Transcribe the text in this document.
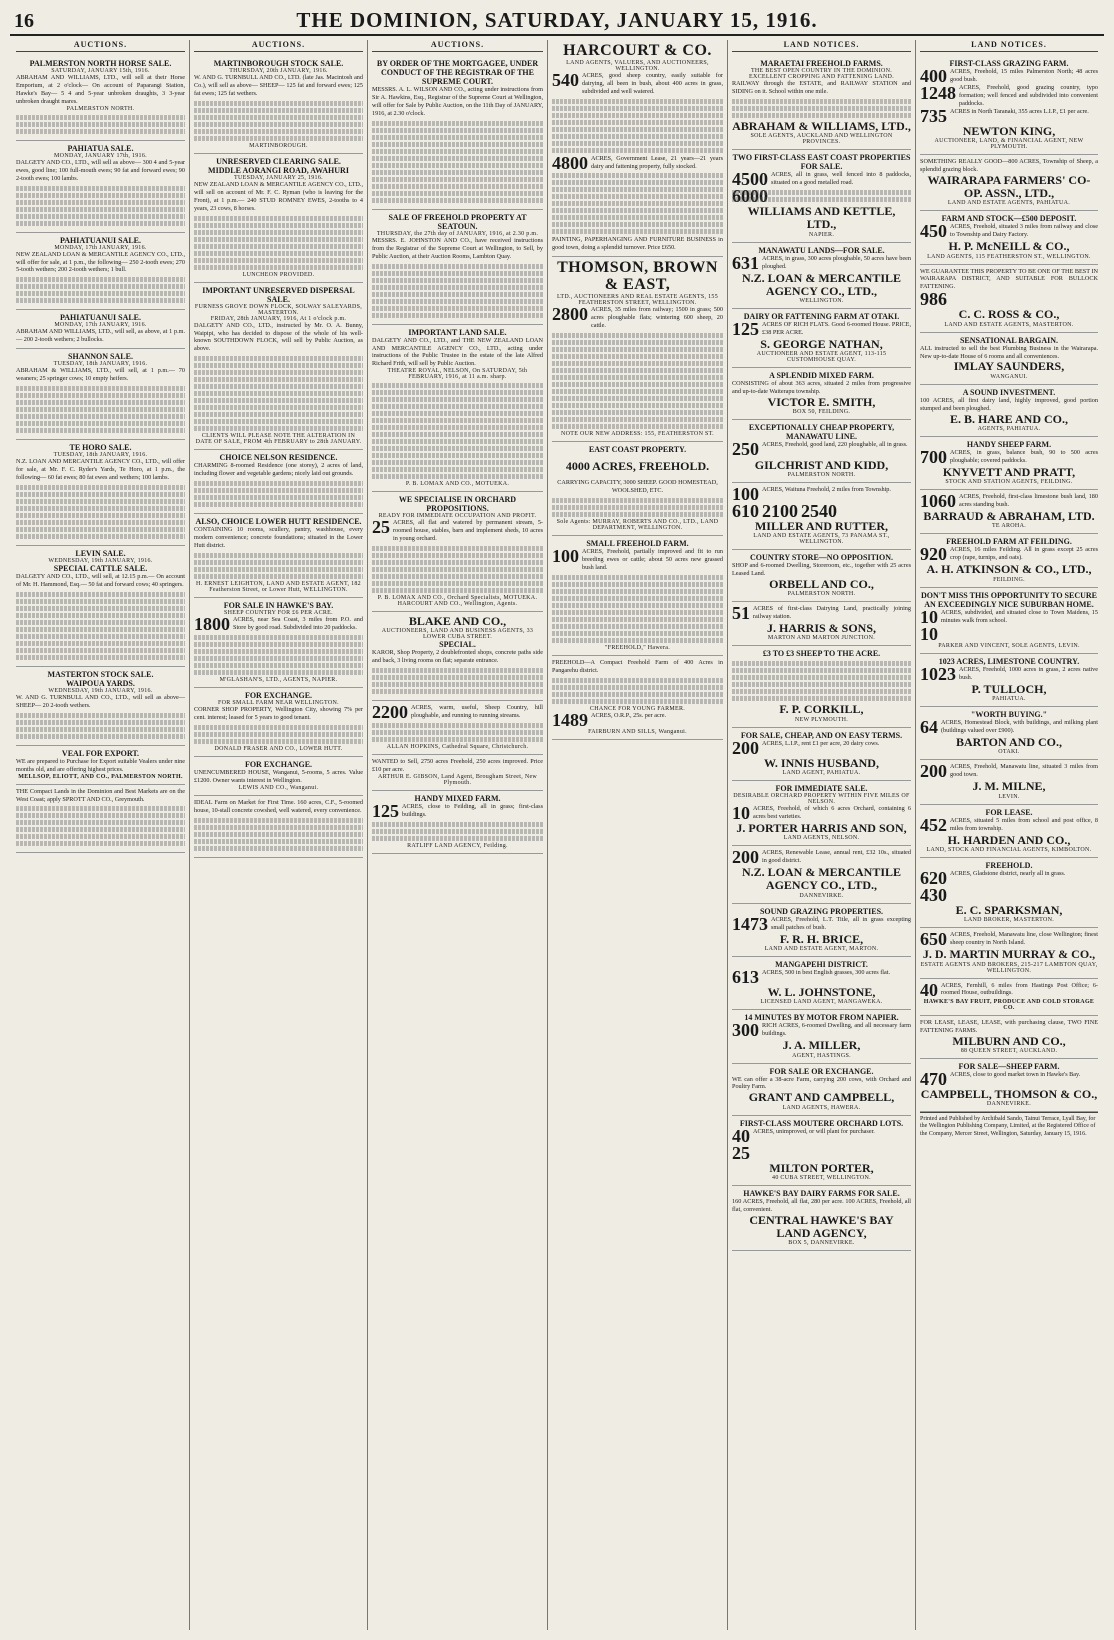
16	THE DOMINION, SATURDAY, JANUARY 15, 1916.
AUCTIONS.
PALMERSTON NORTH HORSE SALE.
SATURDAY, JANUARY 15th, 1916.
ABRAHAM AND WILLIAMS, LTD., will sell at their Horse Emporium, at 2 o'clock— On account of Paparangi Station, Hawke's Bay— 5 4 and 5-year unbroken draughts, 3 3-year unbroken draught mares.
PALMERSTON NORTH.
PAHIATUA SALE.
MONDAY, JANUARY 17th, 1916.
DALGETY AND CO., LTD., will sell as above— 300 4 and 5-year ewes, good line; 100 full-mouth ewes; 90 fat and forward ewes; 90 2-tooth ewes; 100 lambs.
PAHIATUANUI SALE.
MONDAY, 17th JANUARY, 1916.
NEW ZEALAND LOAN & MERCANTILE AGENCY CO., LTD., will offer for sale, at 1 p.m., the following— 250 2-tooth ewes; 270 5-tooth wethers; 200 2-tooth wethers; 1 bull.
PAHIATUANUI SALE.
MONDAY, 17th JANUARY, 1916.
ABRAHAM AND WILLIAMS, LTD., will sell, as above, at 1 p.m.— 200 2-tooth wethers; 2 bullocks.
SHANNON SALE.
TUESDAY, 18th JANUARY, 1916.
ABRAHAM & WILLIAMS, LTD., will sell, at 1 p.m.— 70 weaners; 25 springer cows; 10 empty heifers.
TE HORO SALE.
TUESDAY, 18th JANUARY, 1916.
N.Z. LOAN AND MERCANTILE AGENCY CO., LTD., will offer for sale, at Mr. F. C. Ryder's Yards, Te Horo, at 1 p.m., the following— 60 fat ewes; 80 fat ewes and wethers; 100 lambs.
LEVIN SALE.
WEDNESDAY, 19th JANUARY, 1916.
SPECIAL CATTLE SALE.
DALGETY AND CO., LTD., will sell, at 12.15 p.m.— On account of Mr. H. Hammond, Esq.— 50 fat and forward cows; 40 springers.
MASTERTON STOCK SALE.
WAIPOUA YARDS.
WEDNESDAY, 19th JANUARY, 1916.
W. AND G. TURNBULL AND CO., LTD., will sell as above— SHEEP— 20 2-tooth wethers.
VEAL FOR EXPORT.
WE are prepared to Purchase for Export suitable Vealers under nine months old, and are offering highest prices.
MELLSOP, ELIOTT, AND CO., PALMERSTON NORTH.
THE Compact Lands in the Dominion and Best Markets are on the West Coast; apply SPROTT AND CO., Greymouth.
AUCTIONS.
MARTINBOROUGH STOCK SALE.
THURSDAY, 20th JANUARY, 1916.
W. AND G. TURNBULL AND CO., LTD. (late Jas. Macintosh and Co.), will sell as above— SHEEP— 125 fat and forward ewes; 125 fat ewes; 125 fat wethers.
MARTINBOROUGH.
UNRESERVED CLEARING SALE.
MIDDLE AORANGI ROAD, AWAHURI
TUESDAY, JANUARY 25, 1916.
NEW ZEALAND LOAN & MERCANTILE AGENCY CO., LTD., will sell on account of Mr. F. C. Ryman (who is leaving for the Front), at 1 p.m.— 240 STUD ROMNEY EWES, 2-tooths to 4 years, 23 cows, 8 horses.
LUNCHEON PROVIDED.
IMPORTANT UNRESERVED DISPERSAL SALE.
FURNESS GROVE DOWN FLOCK, SOLWAY SALEYARDS, MASTERTON.
FRIDAY, 28th JANUARY, 1916, At 1 o'clock p.m.
DALGETY AND CO., LTD., instructed by Mr. O. A. Bunny, Waipipi, who has decided to dispose of the whole of his well-known SOUTHDOWN FLOCK, will sell by Public Auction, as above.
CLIENTS WILL PLEASE NOTE THE ALTERATION IN DATE OF SALE, FROM 4th FEBRUARY to 28th JANUARY.
CHOICE NELSON RESIDENCE.
CHARMING 8-roomed Residence (one storey), 2 acres of land, including flower and vegetable gardens; nicely laid out grounds.
ALSO, CHOICE LOWER HUTT RESIDENCE.
CONTAINING 10 rooms, scullery, pantry, washhouse, every modern convenience; concrete foundations; situated in the Lower Hutt district.
H. ERNEST LEIGHTON, LAND AND ESTATE AGENT, 182 Featherston Street, or Lower Hutt, WELLINGTON.
FOR SALE IN HAWKE'S BAY.
SHEEP COUNTRY FOR £6 PER ACRE.
1800 ACRES, near Sea Coast, 3 miles from P.O. and Store by good road. Subdivided into 20 paddocks.
M'GLASHAN'S, LTD., AGENTS, NAPIER.
FOR EXCHANGE.
FOR SMALL FARM NEAR WELLINGTON.
CORNER SHOP PROPERTY, Wellington City, showing 7% per cent. interest; leased for 5 years to good tenant.
DONALD FRASER AND CO., LOWER HUTT.
FOR EXCHANGE.
UNENCUMBERED HOUSE, Wanganui, 5-rooms, 5 acres. Value £1200. Owner wants interest in Wellington.
LEWIS AND CO., Wanganui.
IDEAL Farm on Market for First Time. 160 acres, C.F., 5-roomed house, 10-stall concrete cowshed, well watered, every convenience.
AUCTIONS.
BY ORDER OF THE MORTGAGEE, UNDER CONDUCT OF THE REGISTRAR OF THE SUPREME COURT.
MESSRS. A. L. WILSON AND CO., acting under instructions from Sir A. Hawkins, Esq., Registrar of the Supreme Court at Wellington, will offer for Sale by Public Auction, on the 11th Day of JANUARY, 1916, at 2.30 o'clock.
SALE OF FREEHOLD PROPERTY AT SEATOUN.
THURSDAY, the 27th day of JANUARY, 1916, at 2.30 p.m.
MESSRS. E. JOHNSTON AND CO., have received instructions from the Registrar of the Supreme Court at Wellington, to Sell, by Public Auction, at their Auction Rooms, Lambton Quay.
IMPORTANT LAND SALE.
DALGETY AND CO., LTD., and THE NEW ZEALAND LOAN AND MERCANTILE AGENCY CO., LTD., acting under instructions of the Public Trustee in the estate of the late Alfred Richard Frith, will sell by Public Auction.
THEATRE ROYAL, NELSON, On SATURDAY, 5th FEBRUARY, 1916, at 11 a.m. sharp.
P. B. LOMAX AND CO., MOTUEKA.
WE SPECIALISE IN ORCHARD PROPOSITIONS.
READY FOR IMMEDIATE OCCUPATION AND PROFIT.
25 ACRES, all flat and watered by permanent stream, 5-roomed house, stables, barn and implement sheds, 10 acres in young orchard.
P. B. LOMAX AND CO., Orchard Specialists, MOTUEKA.
HARCOURT AND CO., Wellington, Agents.
BLAKE AND CO.,
AUCTIONEERS, LAND AND BUSINESS AGENTS, 33 LOWER CUBA STREET.
SPECIAL.
KAROR, Shop Property, 2 doublefronted shops, concrete paths side and back, 3 living rooms on flat; separate entrance.
2200 ACRES, warm, useful, Sheep Country, hill ploughable, and running to running streams.
ALLAN HOPKINS, Cathedral Square, Christchurch.
WANTED to Sell, 2750 acres Freehold, 250 acres improved. Price £10 per acre.
ARTHUR E. GIBSON, Land Agent, Brougham Street, New Plymouth.
HANDY MIXED FARM.
125 ACRES, close to Feilding, all in grass; first-class buildings.
RATLIFF LAND AGENCY, Feilding.
HARCOURT & CO.
LAND AGENTS, VALUERS, AND AUCTIONEERS, WELLINGTON.
540 ACRES, good sheep country, easily suitable for dairying, all been in bush, about 400 acres in grass, subdivided and well watered.
4800 ACRES, Government Lease, 21 years—21 years dairy and fattening property, fully stocked.
PAINTING, PAPERHANGING AND FURNITURE BUSINESS in good town, doing a splendid turnover. Price £650.
THOMSON, BROWN & EAST,
LTD., AUCTIONEERS AND REAL ESTATE AGENTS, 155 FEATHERSTON STREET, WELLINGTON.
2800 ACRES, 35 miles from railway; 1500 in grass; 500 acres ploughable flats; wintering 600 sheep, 20 cattle.
NOTE OUR NEW ADDRESS: 155, FEATHERSTON ST.
EAST COAST PROPERTY.
4000 ACRES, FREEHOLD.
CARRYING CAPACITY, 3000 SHEEP. GOOD HOMESTEAD, WOOLSHED, ETC.
Sole Agents: MURRAY, ROBERTS AND CO., LTD., LAND DEPARTMENT, WELLINGTON.
SMALL FREEHOLD FARM.
100 ACRES, Freehold, partially improved and fit to run breeding ewes or cattle; about 50 acres new grassed bush land.
"FREEHOLD," Hawera.
FREEHOLD—A Compact Freehold Farm of 400 Acres in Pangarehu district.
CHANCE FOR YOUNG FARMER.
1489 ACRES, O.R.P., 25s. per acre.
FAIRBURN AND SILLS, Wanganui.
LAND NOTICES.
MARAETAI FREEHOLD FARMS.
THE BEST OPEN COUNTRY IN THE DOMINION. EXCELLENT CROPPING AND FATTENING LAND.
RAILWAY through the ESTATE, and RAILWAY STATION and SIDING on it. School within one mile.
ABRAHAM & WILLIAMS, LTD.,
SOLE AGENTS, AUCKLAND AND WELLINGTON PROVINCES.
TWO FIRST-CLASS EAST COAST PROPERTIES FOR SALE.
4500 ACRES, all in grass, well fenced into 8 paddocks, situated on a good metalled road.
6000
WILLIAMS AND KETTLE, LTD.,
NAPIER.
MANAWATU LANDS—FOR SALE.
631 ACRES, in grass, 300 acres ploughable, 50 acres have been ploughed.
N.Z. LOAN & MERCANTILE AGENCY CO., LTD.,
WELLINGTON.
DAIRY OR FATTENING FARM AT OTAKI.
125 ACRES OF RICH FLATS. Good 6-roomed House. PRICE, £38 PER ACRE.
S. GEORGE NATHAN,
AUCTIONEER AND ESTATE AGENT, 113-115 CUSTOMHOUSE QUAY.
A SPLENDID MIXED FARM.
CONSISTING of about 363 acres, situated 2 miles from progressive and up-to-date Waiterapu township.
VICTOR E. SMITH,
BOX 50, FEILDING.
EXCEPTIONALLY CHEAP PROPERTY, MANAWATU LINE.
250 ACRES, Freehold, good land, 220 ploughable, all in grass.
GILCHRIST AND KIDD,
PALMERSTON NORTH.
100 ACRES, Waituna Freehold, 2 miles from Township.
610 2100 2540
MILLER AND RUTTER,
LAND AND ESTATE AGENTS, 73 PANAMA ST., WELLINGTON.
COUNTRY STORE—NO OPPOSITION.
SHOP and 6-roomed Dwelling, Storeroom, etc., together with 25 acres Leased Land.
ORBELL AND CO.,
PALMERSTON NORTH.
51 ACRES of first-class Dairying Land, practically joining railway station.
J. HARRIS & SONS,
MARTON AND MARTON JUNCTION.
£3 TO £3 SHEEP TO THE ACRE.
F. P. CORKILL,
NEW PLYMOUTH.
FOR SALE, CHEAP, AND ON EASY TERMS.
200 ACRES, L.I.P., rent £1 per acre, 20 dairy cows.
W. INNIS HUSBAND,
LAND AGENT, PAHIATUA.
FOR IMMEDIATE SALE.
DESIRABLE ORCHARD PROPERTY WITHIN FIVE MILES OF NELSON.
10 ACRES, Freehold, of which 6 acres Orchard, containing 6 acres best varieties.
J. PORTER HARRIS AND SON,
LAND AGENTS, NELSON.
200 ACRES, Renewable Lease, annual rent, £32 10s., situated in good district.
N.Z. LOAN & MERCANTILE AGENCY CO., LTD.,
DANNEVIRKE.
SOUND GRAZING PROPERTIES.
1473 ACRES, Freehold, L.T. Title, all in grass excepting small patches of bush.
F. R. H. BRICE,
LAND AND ESTATE AGENT, MARTON.
MANGAPEHI DISTRICT.
613 ACRES, 500 in best English grasses, 300 acres flat.
W. L. JOHNSTONE,
LICENSED LAND AGENT, MANGAWEKA.
14 MINUTES BY MOTOR FROM NAPIER.
300 RICH ACRES, 6-roomed Dwelling, and all necessary farm buildings.
J. A. MILLER,
AGENT, HASTINGS.
FOR SALE OR EXCHANGE.
WE can offer a 38-acre Farm, carrying 200 cows, with Orchard and Poultry Farm.
GRANT AND CAMPBELL,
LAND AGENTS, HAWERA.
FIRST-CLASS MOUTERE ORCHARD LOTS.
40 ACRES, unimproved, or will plant for purchaser.
25
MILTON PORTER,
40 CUBA STREET, WELLINGTON.
HAWKE'S BAY DAIRY FARMS FOR SALE.
160 ACRES, Freehold, all flat, 280 per acre. 100 ACRES, Freehold, all flat, convenient.
CENTRAL HAWKE'S BAY LAND AGENCY,
BOX 5, DANNEVIRKE.
LAND NOTICES.
FIRST-CLASS GRAZING FARM.
400 ACRES, Freehold, 15 miles Palmerston North; 48 acres good bush.
1248 ACRES, Freehold, good grazing country, typo formation; well fenced and subdivided into convenient paddocks.
735 ACRES in North Taranaki, 355 acres L.I.P., £1 per acre.
NEWTON KING,
AUCTIONEER, LAND, & FINANCIAL AGENT, NEW PLYMOUTH.
SOMETHING REALLY GOOD—800 ACRES, Township of Sheep, a splendid grazing block.
WAIRARAPA FARMERS' CO-OP. ASSN., LTD.,
LAND AND ESTATE AGENTS, PAHIATUA.
FARM AND STOCK—£500 DEPOSIT.
450 ACRES, Freehold, situated 3 miles from railway and close to Township and Dairy Factory.
H. P. McNEILL & CO.,
LAND AGENTS, 115 FEATHERSTON ST., WELLINGTON.
WE GUARANTEE THIS PROPERTY TO BE ONE OF THE BEST IN WAIRARAPA DISTRICT, AND SUITABLE FOR BULLOCK FATTENING.
986
C. C. ROSS & CO.,
LAND AND ESTATE AGENTS, MASTERTON.
SENSATIONAL BARGAIN.
ALL instructed to sell the best Plumbing Business in the Wairarapa. New up-to-date House of 6 rooms and all conveniences.
IMLAY SAUNDERS,
WANGANUI.
A SOUND INVESTMENT.
100 ACRES, all first dairy land, highly improved, good portion stumped and been ploughed.
E. B. HARE AND CO.,
AGENTS, PAHIATUA.
HANDY SHEEP FARM.
700 ACRES, in grass, balance bush, 90 to 500 acres ploughable; covered paddocks.
KNYVETT AND PRATT,
STOCK AND STATION AGENTS, FEILDING.
1060 ACRES, Freehold, first-class limestone bush land, 180 acres standing bush.
BARRAUD & ABRAHAM, LTD.
TE AROHA.
FREEHOLD FARM AT FEILDING.
920 ACRES, 16 miles Feilding. All in grass except 25 acres crop (rape, turnips, and oats).
A. H. ATKINSON & CO., LTD.,
FEILDING.
DON'T MISS THIS OPPORTUNITY TO SECURE AN EXCEEDINGLY NICE SUBURBAN HOME.
10 ACRES, subdivided, and situated close to Town Maidens, 15 minutes walk from school.
10
PARKER AND VINCENT, SOLE AGENTS, LEVIN.
1023 ACRES, LIMESTONE COUNTRY.
1023 ACRES, Freehold, 1000 acres in grass, 2 acres native bush.
P. TULLOCH,
PAHIATUA.
"WORTH BUYING."
64 ACRES, Homestead Block, with buildings, and milking plant (buildings valued over £900).
BARTON AND CO.,
OTAKI.
200 ACRES, Freehold, Manawatu line, situated 3 miles from good town.
J. M. MILNE,
LEVIN.
FOR LEASE.
452 ACRES, situated 5 miles from school and post office, 8 miles from township.
H. HARDEN AND CO.,
LAND, STOCK AND FINANCIAL AGENTS, KIMBOLTON.
FREEHOLD.
620 ACRES, Gladstone district, nearly all in grass.
430
E. C. SPARKSMAN,
LAND BROKER, MASTERTON.
650 ACRES, Freehold, Manawatu line, close Wellington; finest sheep country in North Island.
J. D. MARTIN MURRAY & CO.,
ESTATE AGENTS AND BROKERS, 215-217 LAMBTON QUAY, WELLINGTON.
40 ACRES, Fernhill, 6 miles from Hastings Post Office; 6-roomed House, outbuildings.
HAWKE'S BAY FRUIT, PRODUCE AND COLD STORAGE CO.
FOR LEASE, LEASE, LEASE, with purchasing clause, TWO FINE FATTENING FARMS.
MILBURN AND CO.,
88 QUEEN STREET, AUCKLAND.
FOR SALE—SHEEP FARM.
470 ACRES, close to good market town in Hawke's Bay.
CAMPBELL, THOMSON & CO.,
DANNEVIRKE.
Printed and Published by Archibald Sando, Tainui Terrace, Lyall Bay, for the Wellington Publishing Company, Limited, at the Registered Office of the Company, Mercer Street, Wellington, Saturday, January 15, 1916.
